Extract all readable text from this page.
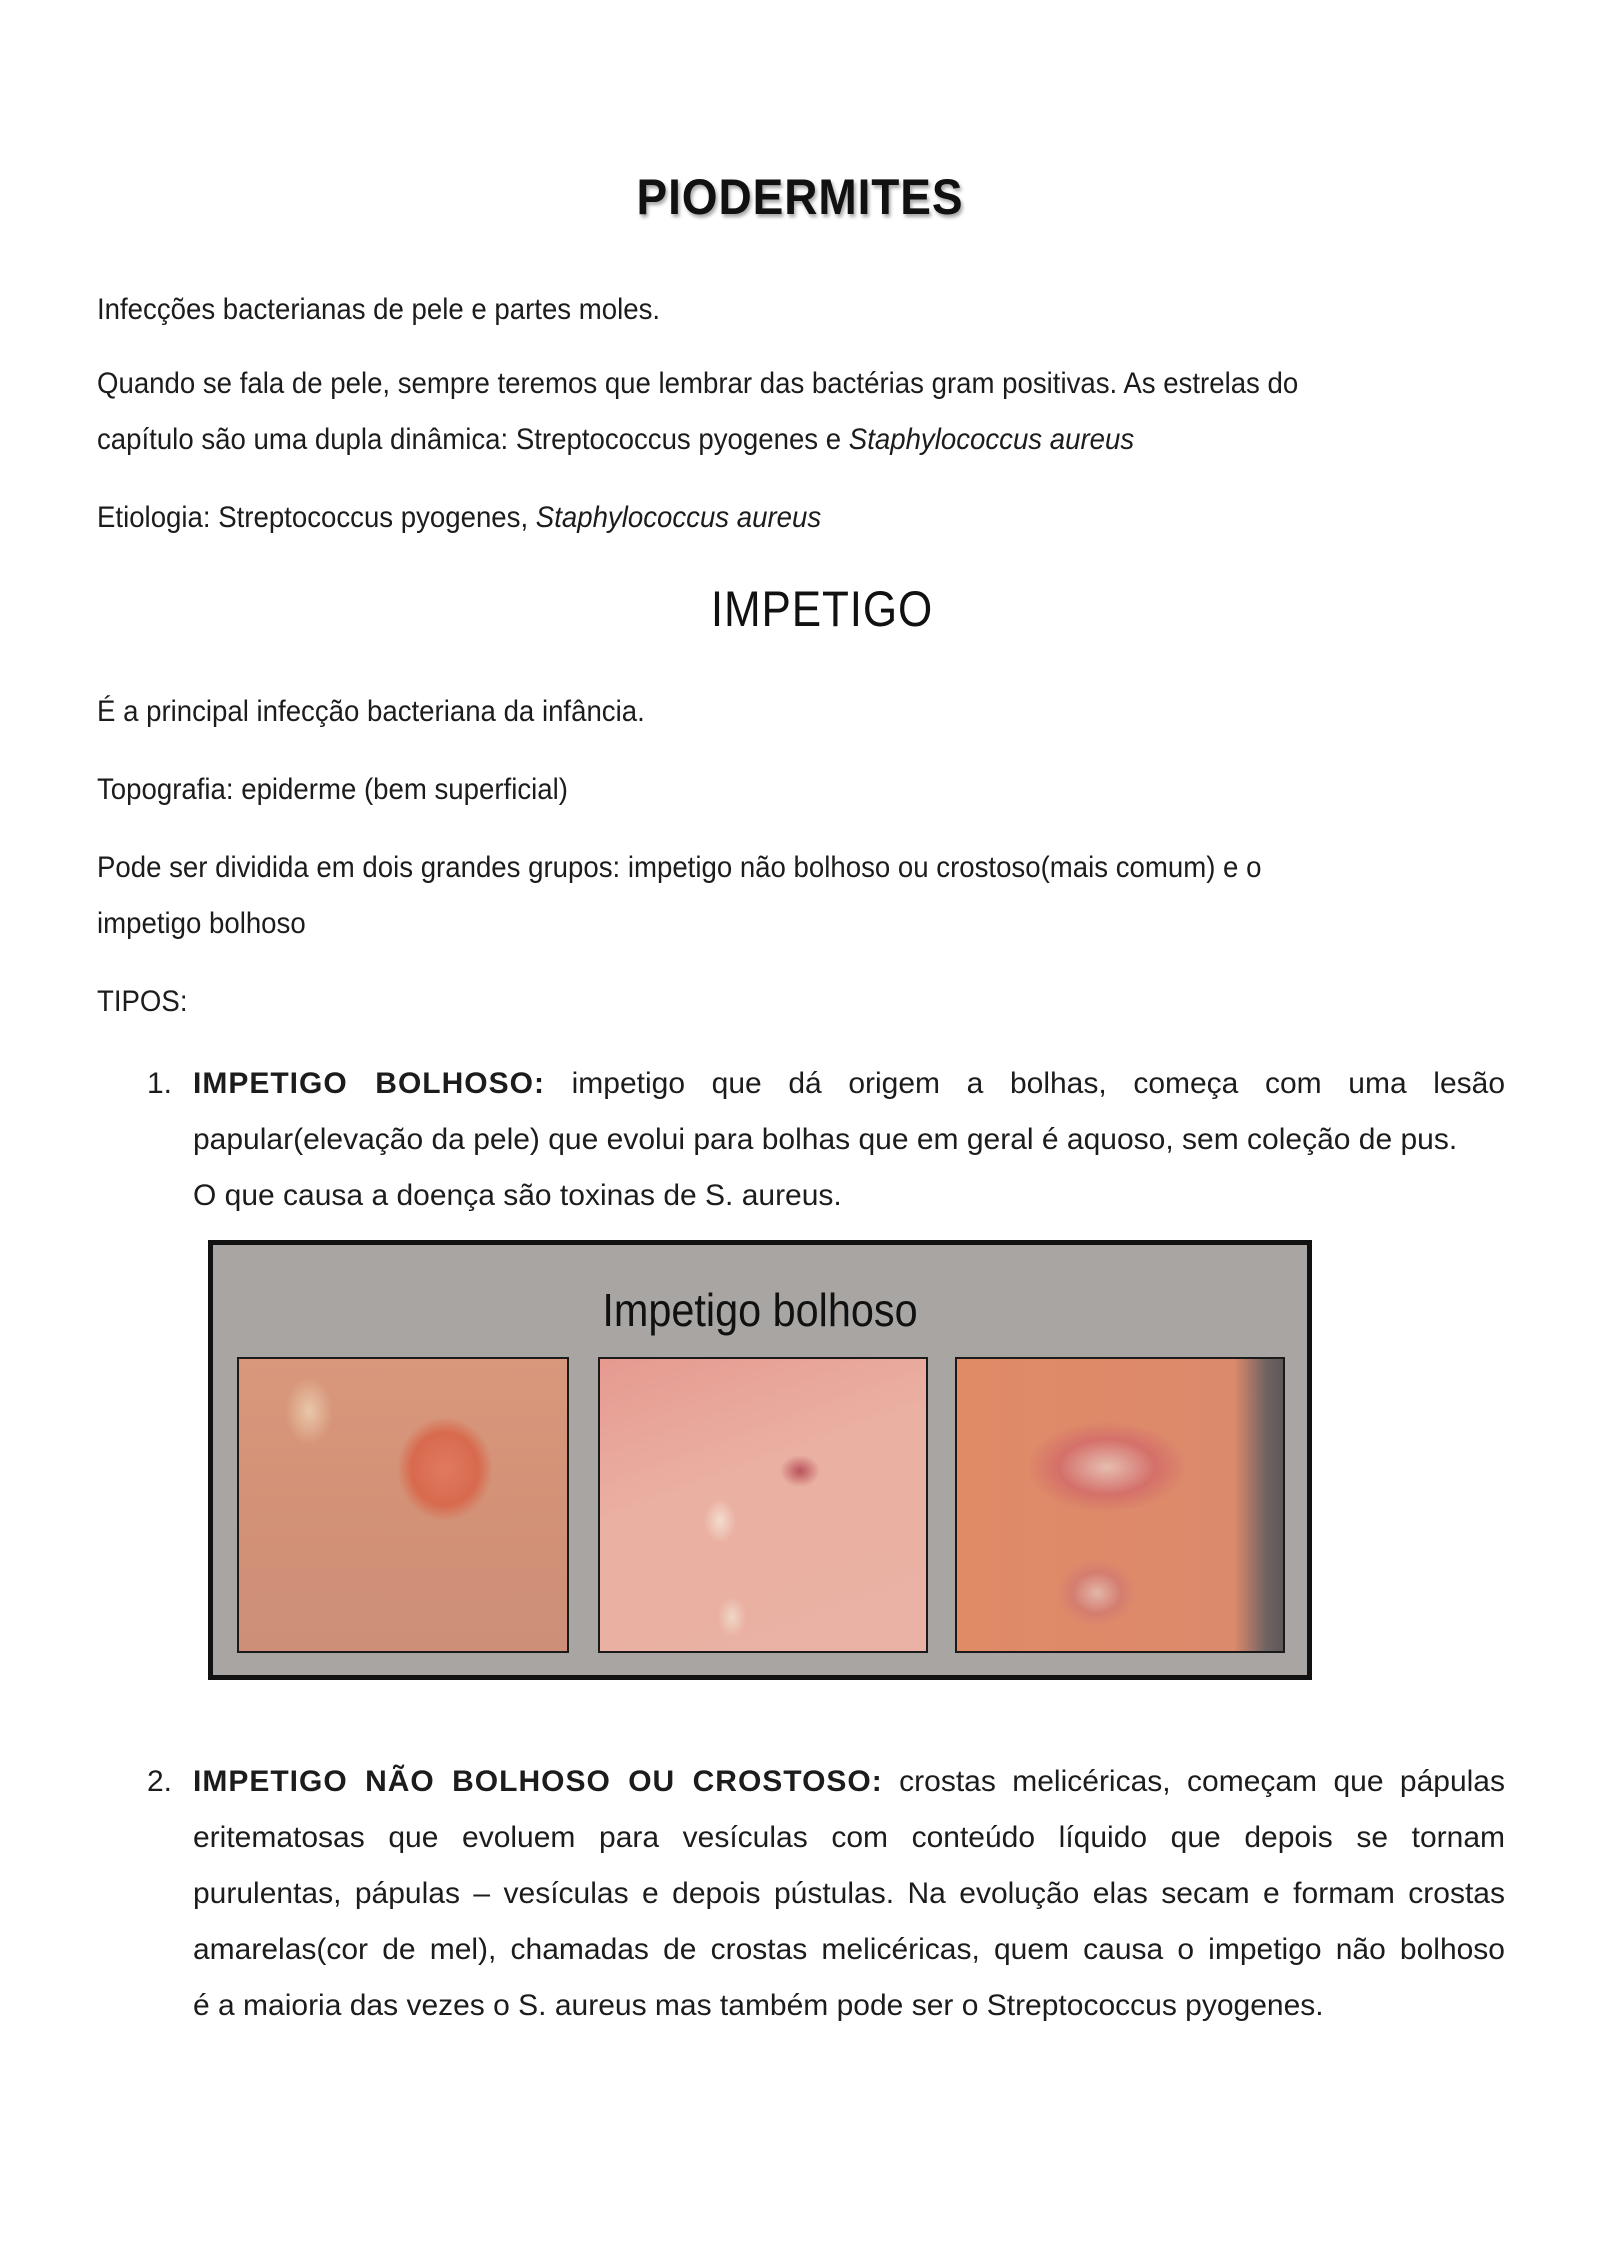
PIODERMITES

Infecções bacterianas de pele e partes moles.

Quando se fala de pele, sempre teremos que lembrar das bactérias gram positivas. As estrelas do

capítulo são uma dupla dinâmica: Streptococcus pyogenes e Staphylococcus aureus

Etiologia: Streptococcus pyogenes, Staphylococcus aureus

IMPETIGO

É a principal infecção bacteriana da infância.

Topografia: epiderme (bem superficial)

Pode ser dividida em dois grandes grupos: impetigo não bolhoso ou crostoso(mais comum) e o

impetigo bolhoso

TIPOS:

1. IMPETIGO BOLHOSO: impetigo que dá origem a bolhas, começa com uma lesão
papular(elevação da pele) que evolui para bolhas que em geral é aquoso, sem coleção de pus.
O que causa a doença são toxinas de S. aureus.
Impetigo bolhoso
2. IMPETIGO NÃO BOLHOSO OU CROSTOSO: crostas melicéricas, começam que pápulas
eritematosas que evoluem para vesículas com conteúdo líquido que depois se tornam
purulentas, pápulas – vesículas e depois pústulas. Na evolução elas secam e formam crostas
amarelas(cor de mel), chamadas de crostas melicéricas, quem causa o impetigo não bolhoso
é a maioria das vezes o S. aureus mas também pode ser o Streptococcus pyogenes.
